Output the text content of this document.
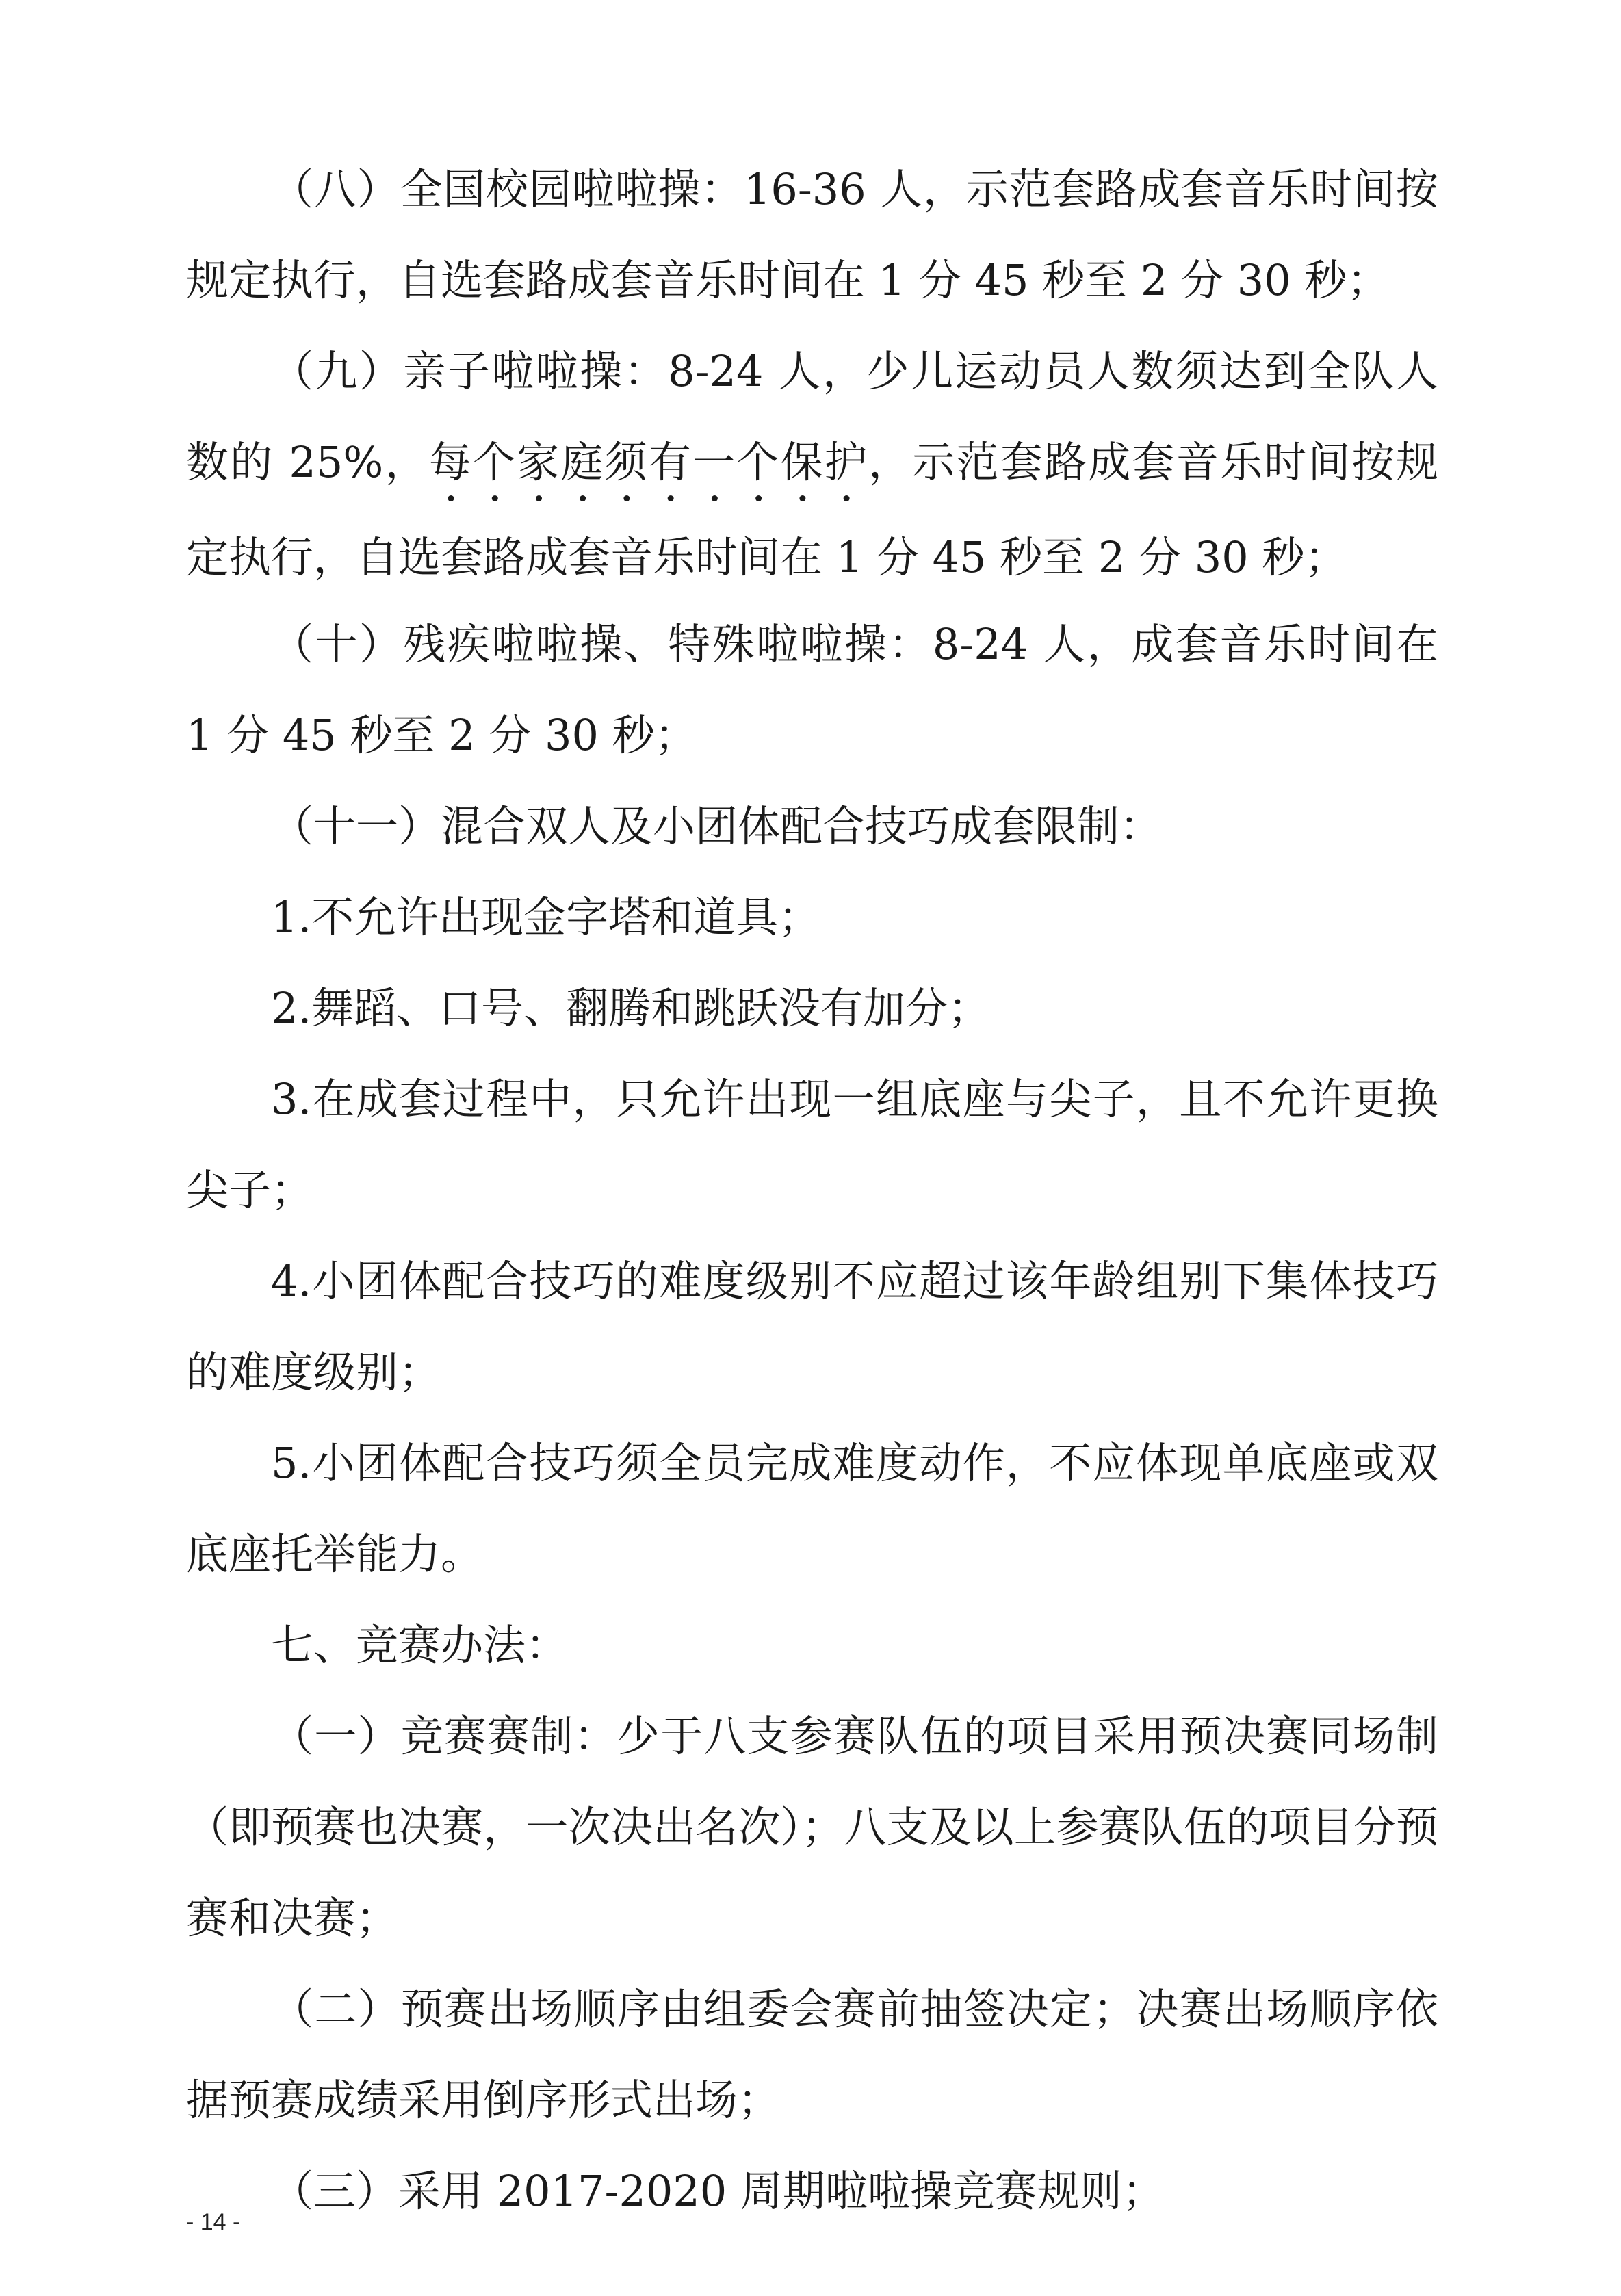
（八）全国校园啦啦操：16-36 人，示范套路成套音乐时间按规定执行，自选套路成套音乐时间在 1 分 45 秒至 2 分 30 秒；

（九）亲子啦啦操：8-24 人，少儿运动员人数须达到全队人数的 25%，每个家庭须有一个保护，示范套路成套音乐时间按规定执行，自选套路成套音乐时间在 1 分 45 秒至 2 分 30 秒；

（十）残疾啦啦操、特殊啦啦操：8-24 人，成套音乐时间在 1 分 45 秒至 2 分 30 秒；

（十一）混合双人及小团体配合技巧成套限制：

1.不允许出现金字塔和道具；

2.舞蹈、口号、翻腾和跳跃没有加分；

3.在成套过程中，只允许出现一组底座与尖子，且不允许更换尖子；

4.小团体配合技巧的难度级别不应超过该年龄组别下集体技巧的难度级别；

5.小团体配合技巧须全员完成难度动作，不应体现单底座或双底座托举能力。

七、竞赛办法：

（一）竞赛赛制：少于八支参赛队伍的项目采用预决赛同场制（即预赛也决赛，一次决出名次）；八支及以上参赛队伍的项目分预赛和决赛；

（二）预赛出场顺序由组委会赛前抽签决定；决赛出场顺序依据预赛成绩采用倒序形式出场；

（三）采用 2017-2020 周期啦啦操竞赛规则；

- 14 -
